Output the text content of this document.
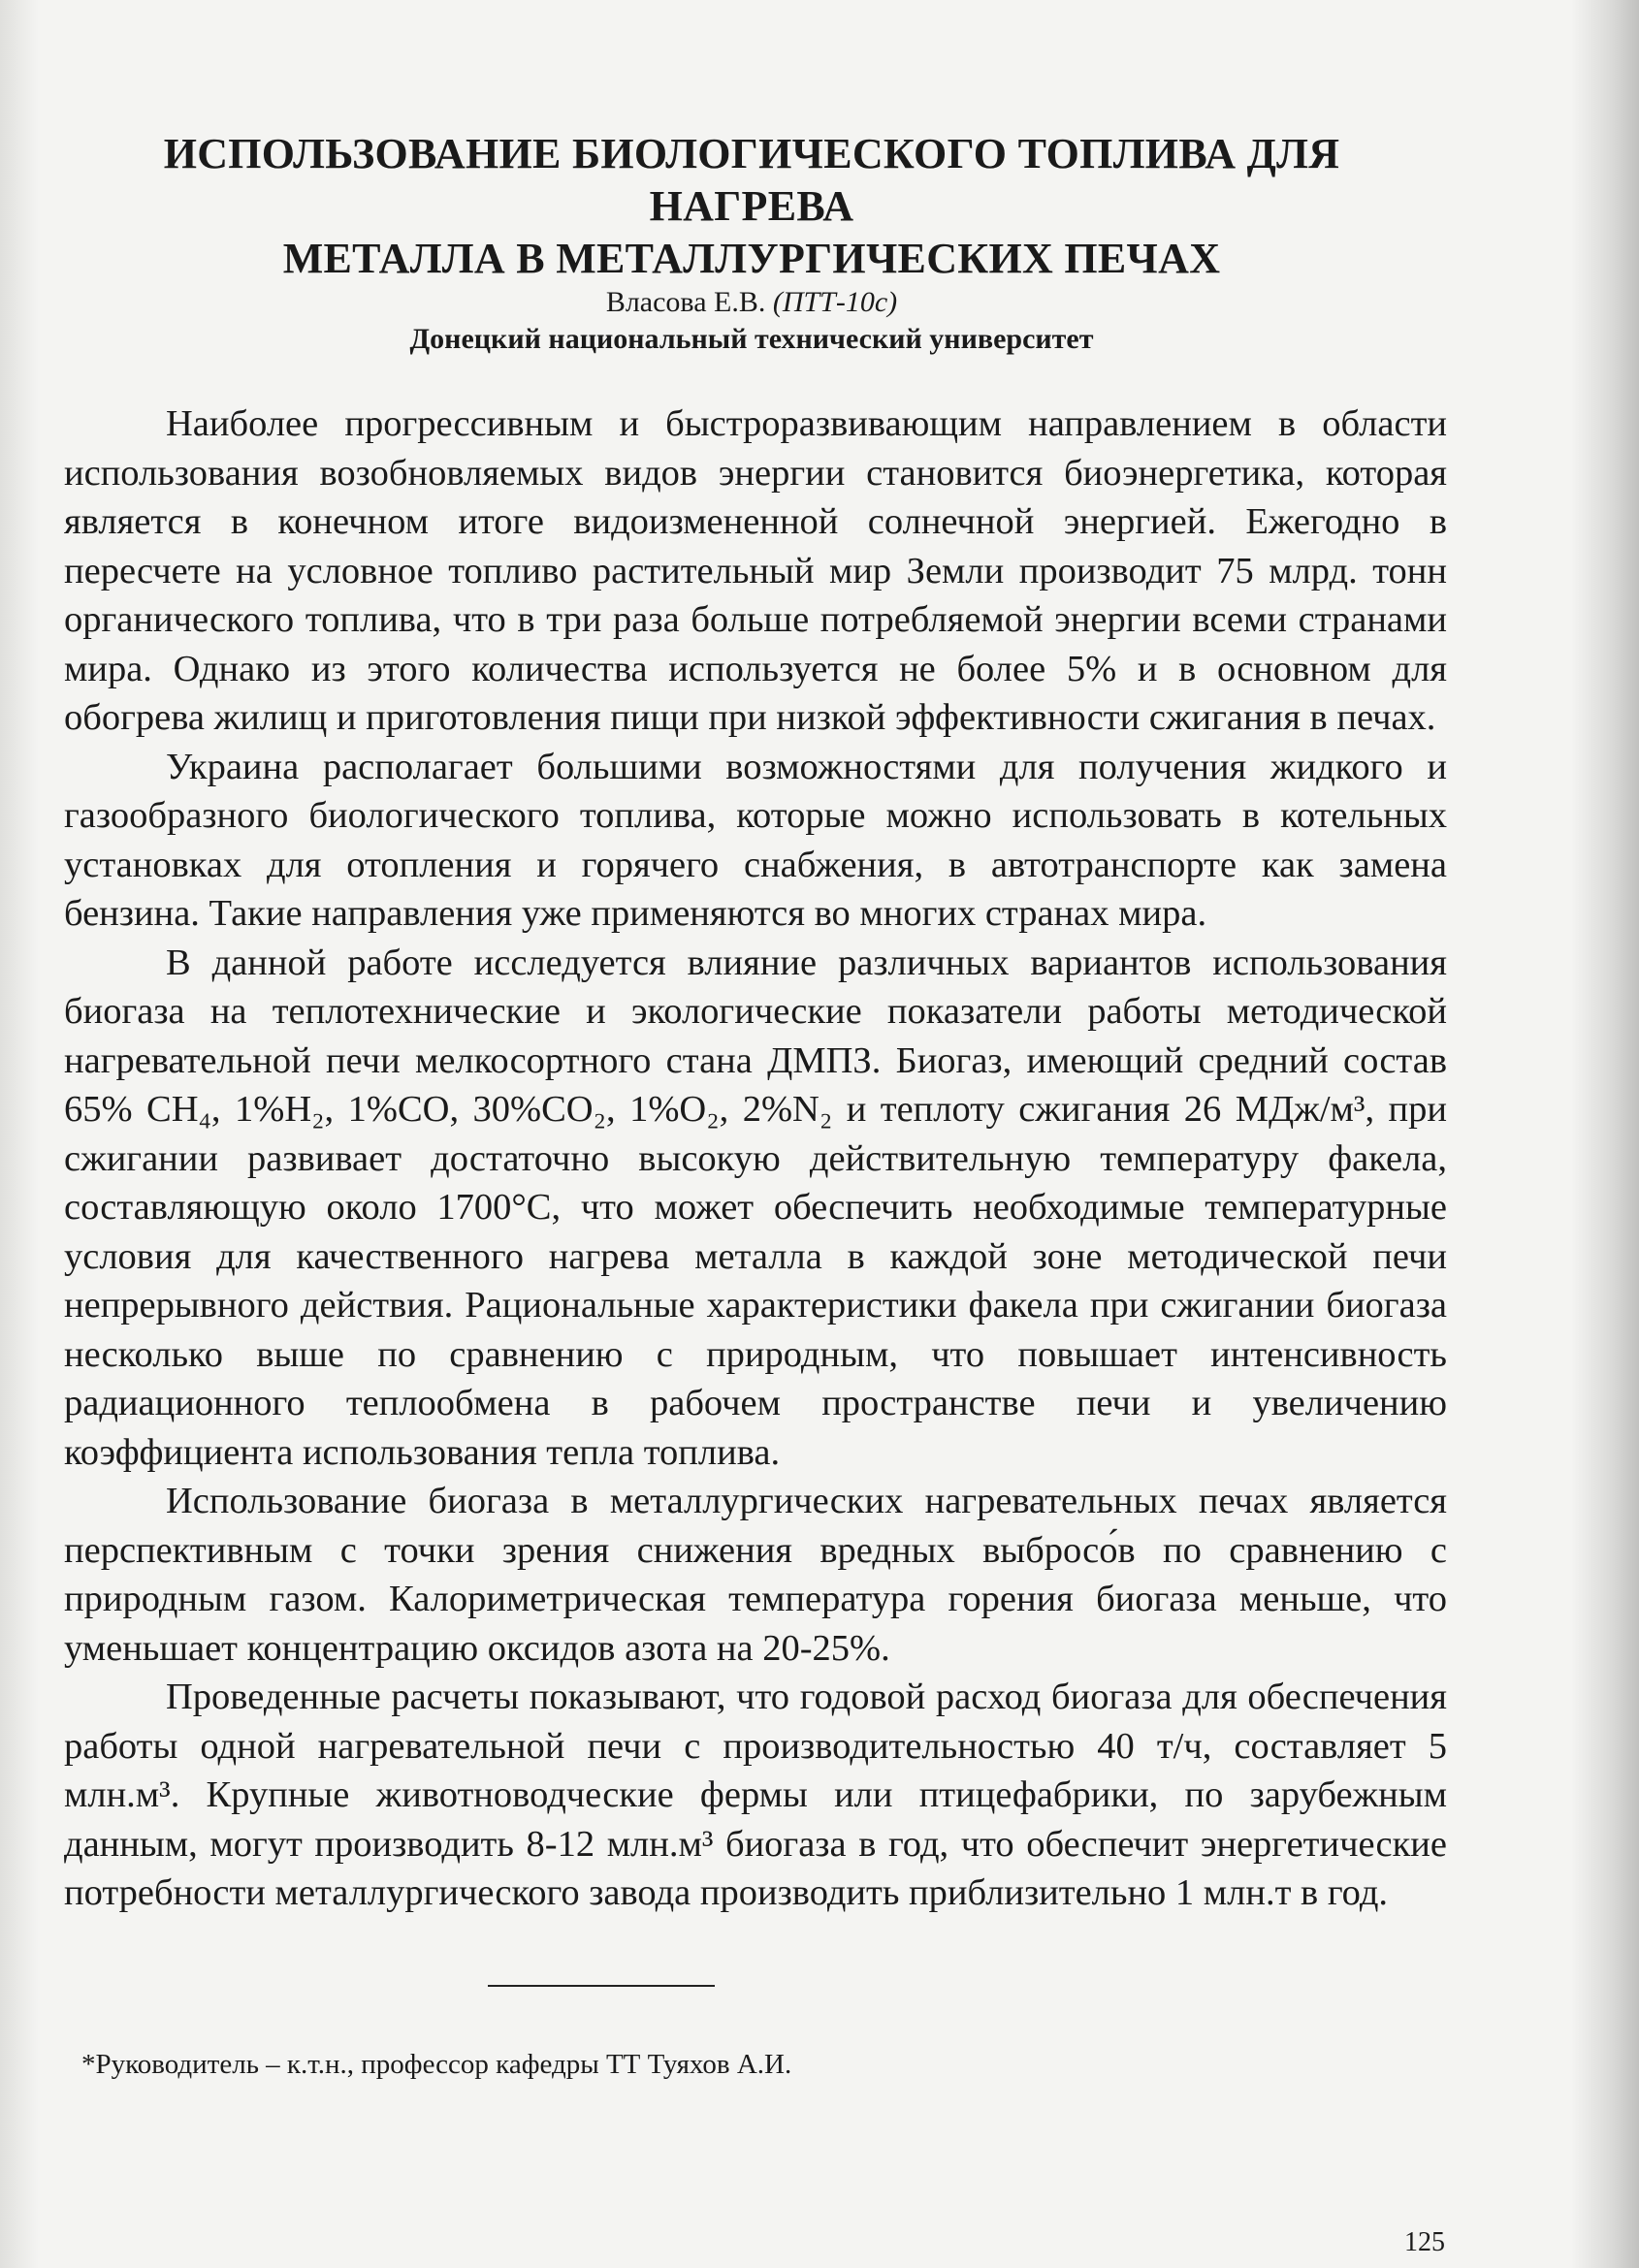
ИСПОЛЬЗОВАНИЕ БИОЛОГИЧЕСКОГО ТОПЛИВА ДЛЯ НАГРЕВА
МЕТАЛЛА В МЕТАЛЛУРГИЧЕСКИХ ПЕЧАХ
Власова Е.В. (ПТТ-10с)
Донецкий национальный технический университет

Наиболее прогрессивным и быстроразвивающим направлением в области использования возобновляемых видов энергии становится биоэнергетика, которая является в конечном итоге видоизмененной солнечной энергией. Ежегодно в пересчете на условное топливо растительный мир Земли производит 75 млрд. тонн органического топлива, что в три раза больше потребляемой энергии всеми странами мира. Однако из этого количества используется не более 5% и в основном для обогрева жилищ и приготовления пищи при низкой эффективности сжигания в печах.

Украина располагает большими возможностями для получения жидкого и газообразного биологического топлива, которые можно использовать в котельных установках для отопления и горячего снабжения, в автотранспорте как замена бензина. Такие направления уже применяются во многих странах мира.

В данной работе исследуется влияние различных вариантов использования биогаза на теплотехнические и экологические показатели работы методической нагревательной печи мелкосортного стана ДМПЗ. Биогаз, имеющий средний состав 65% CH₄, 1%H₂, 1%CO, 30%CO₂, 1%O₂, 2%N₂ и теплоту сжигания 26 МДж/м³, при сжигании развивает достаточно высокую действительную температуру факела, составляющую около 1700°С, что может обеспечить необходимые температурные условия для качественного нагрева металла в каждой зоне методической печи непрерывного действия. Рациональные характеристики факела при сжигании биогаза несколько выше по сравнению с природным, что повышает интенсивность радиационного теплообмена в рабочем пространстве печи и увеличению коэффициента использования тепла топлива.

Использование биогаза в металлургических нагревательных печах является перспективным с точки зрения снижения вредных выбросо́в по сравнению с природным газом. Калориметрическая температура горения биогаза меньше, что уменьшает концентрацию оксидов азота на 20-25%.

Проведенные расчеты показывают, что годовой расход биогаза для обеспечения работы одной нагревательной печи с производительностью 40 т/ч, составляет 5 млн.м³. Крупные животноводческие фермы или птицефабрики, по зарубежным данным, могут производить 8-12 млн.м³ биогаза в год, что обеспечит энергетические потребности металлургического завода производить приблизительно 1 млн.т в год.

*Руководитель – к.т.н., профессор кафедры ТТ Туяхов А.И.
125
